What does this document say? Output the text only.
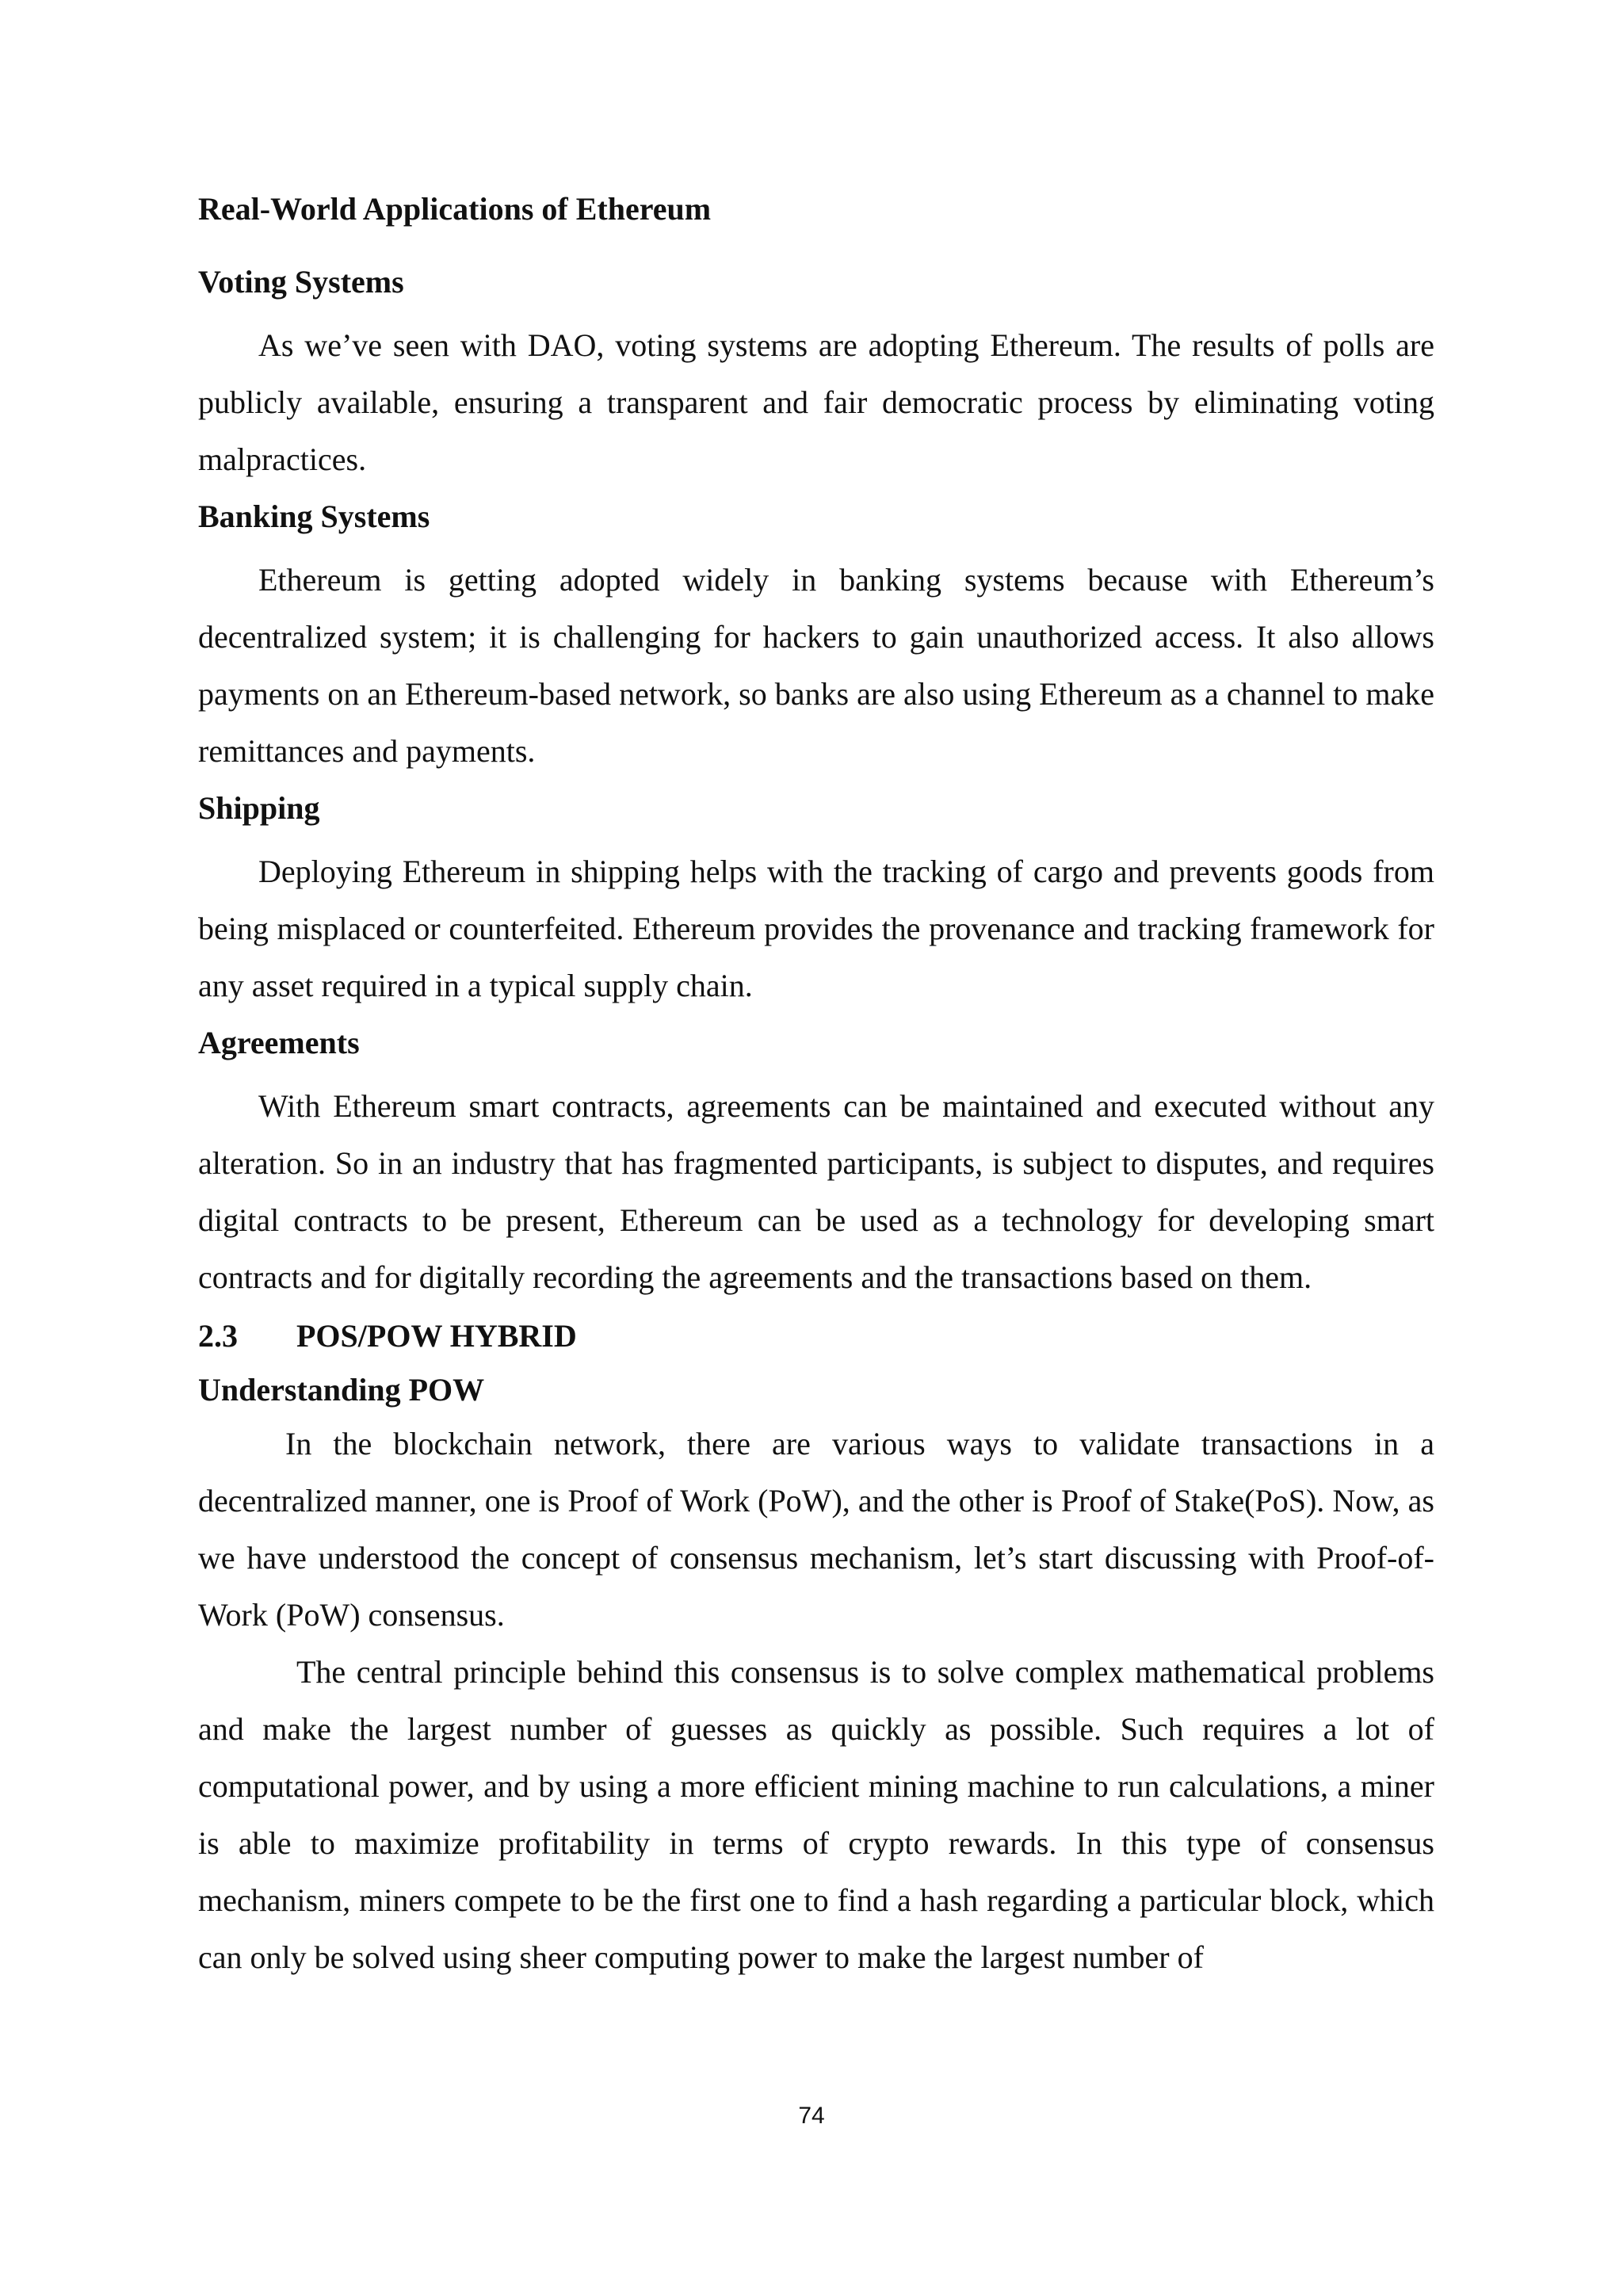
Real-World Applications of Ethereum
Voting Systems

As we’ve seen with DAO, voting systems are adopting Ethereum. The results of polls are publicly available, ensuring a transparent and fair democratic process by eliminating voting malpractices.

Banking Systems

Ethereum is getting adopted widely in banking systems because with Ethereum’s decentralized system; it is challenging for hackers to gain unauthorized access. It also allows payments on an Ethereum-based network, so banks are also using Ethereum as a channel to make remittances and payments.

Shipping

Deploying Ethereum in shipping helps with the tracking of cargo and prevents goods from being misplaced or counterfeited. Ethereum provides the provenance and tracking framework for any asset required in a typical supply chain.

Agreements

With Ethereum smart contracts, agreements can be maintained and executed without any alteration. So in an industry that has fragmented participants, is subject to disputes, and requires digital contracts to be present, Ethereum can be used as a technology for developing smart contracts and for digitally recording the agreements and the transactions based on them.

2.3 POS/POW HYBRID
Understanding POW

In the blockchain network, there are various ways to validate transactions in a decentralized manner, one is Proof of Work (PoW), and the other is Proof of Stake(PoS). Now, as we have understood the concept of consensus mechanism, let’s start discussing with Proof-of-Work (PoW) consensus.

The central principle behind this consensus is to solve complex mathematical problems and make the largest number of guesses as quickly as possible. Such requires a lot of computational power, and by using a more efficient mining machine to run calculations, a miner is able to maximize profitability in terms of crypto rewards. In this type of consensus mechanism, miners compete to be the first one to find a hash regarding a particular block, which can only be solved using sheer computing power to make the largest number of

74
